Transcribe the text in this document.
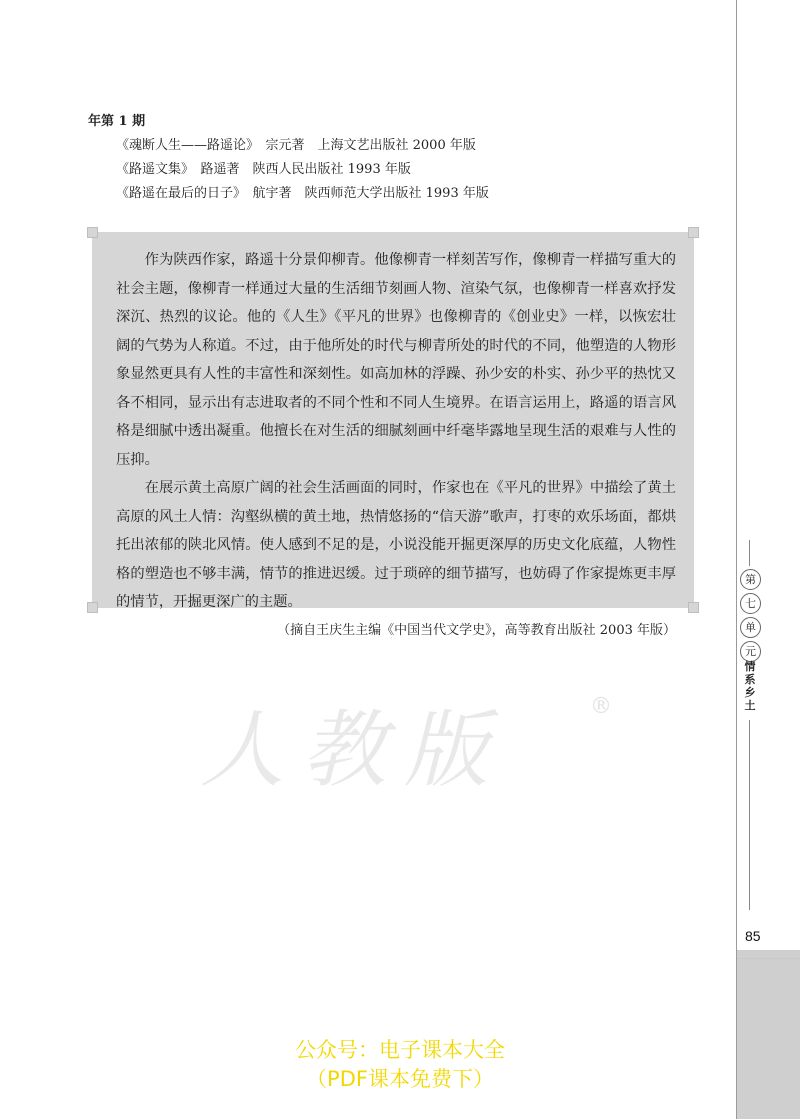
年第 1 期
《魂断人生——路遥论》　宗元著　上海文艺出版社 2000 年版
《路遥文集》　路遥著　陕西人民出版社 1993 年版
《路遥在最后的日子》　航宇著　陕西师范大学出版社 1993 年版

作为陕西作家，路遥十分景仰柳青。他像柳青一样刻苦写作，像柳青一样描写重大的社会主题，像柳青一样通过大量的生活细节刻画人物、渲染气氛，也像柳青一样喜欢抒发深沉、热烈的议论。他的《人生》《平凡的世界》也像柳青的《创业史》一样，以恢宏壮阔的气势为人称道。不过，由于他所处的时代与柳青所处的时代的不同，他塑造的人物形象显然更具有人性的丰富性和深刻性。如高加林的浮躁、孙少安的朴实、孙少平的热忱又各不相同，显示出有志进取者的不同个性和不同人生境界。在语言运用上，路遥的语言风格是细腻中透出凝重。他擅长在对生活的细腻刻画中纤毫毕露地呈现生活的艰难与人性的压抑。

在展示黄土高原广阔的社会生活画面的同时，作家也在《平凡的世界》中描绘了黄土高原的风土人情：沟壑纵横的黄土地，热情悠扬的“信天游”歌声，打枣的欢乐场面，都烘托出浓郁的陕北风情。使人感到不足的是，小说没能开掘更深厚的历史文化底蕴，人物性格的塑造也不够丰满，情节的推进迟缓。过于琐碎的细节描写，也妨碍了作家提炼更丰厚的情节，开掘更深广的主题。

（摘自王庆生主编《中国当代文学史》，高等教育出版社 2003 年版）
人教版	®
第
七
单
元
情
系
乡
土
85
公众号：电子课本大全
（PDF课本免费下）
